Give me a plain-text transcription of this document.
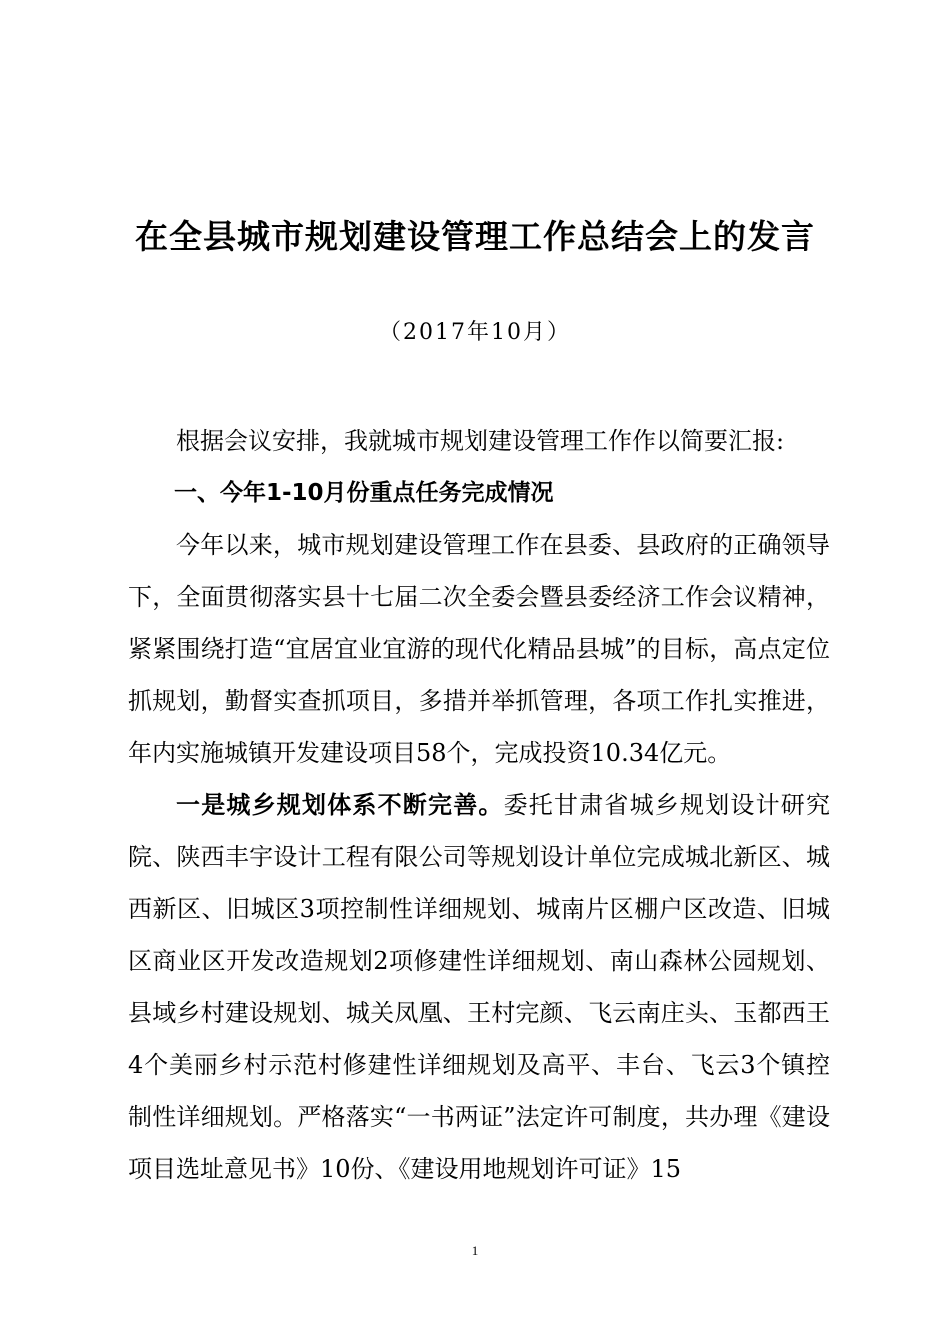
在全县城市规划建设管理工作总结会上的发言
（2017年10月）

根据会议安排，我就城市规划建设管理工作作以简要汇报:

一、今年1-10月份重点任务完成情况

今年以来，城市规划建设管理工作在县委、县政府的正确领导下，全面贯彻落实县十七届二次全委会暨县委经济工作会议精神，紧紧围绕打造“宜居宜业宜游的现代化精品县城”的目标，高点定位抓规划，勤督实查抓项目，多措并举抓管理，各项工作扎实推进，年内实施城镇开发建设项目58个，完成投资10.34亿元。

一是城乡规划体系不断完善。委托甘肃省城乡规划设计研究院、陕西丰宇设计工程有限公司等规划设计单位完成城北新区、城西新区、旧城区3项控制性详细规划、城南片区棚户区改造、旧城区商业区开发改造规划2项修建性详细规划、南山森林公园规划、县域乡村建设规划、城关凤凰、王村完颜、飞云南庄头、玉都西王4个美丽乡村示范村修建性详细规划及高平、丰台、飞云3个镇控制性详细规划。严格落实“一书两证”法定许可制度，共办理《建设项目选址意见书》10份、《建设用地规划许可证》15

1
